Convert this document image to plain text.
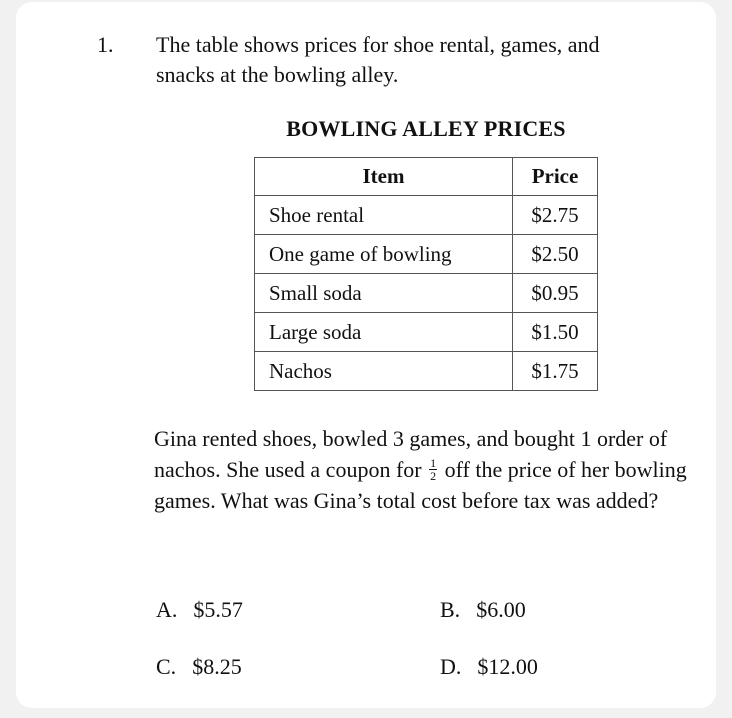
1. The table shows prices for shoe rental, games, and
snacks at the bowling alley.
BOWLING ALLEY PRICES
Item	Price
Shoe rental	$2.75
One game of bowling	$2.50
Small soda	$0.95
Large soda	$1.50
Nachos	$1.75
Gina rented shoes, bowled 3 games, and bought 1 order of nachos. She used a coupon for $\frac{1}{2}$ off the price of her bowling games. What was Gina’s total cost before tax was added?
A. $5.57	B. $6.00
C. $8.25	D. $12.00
